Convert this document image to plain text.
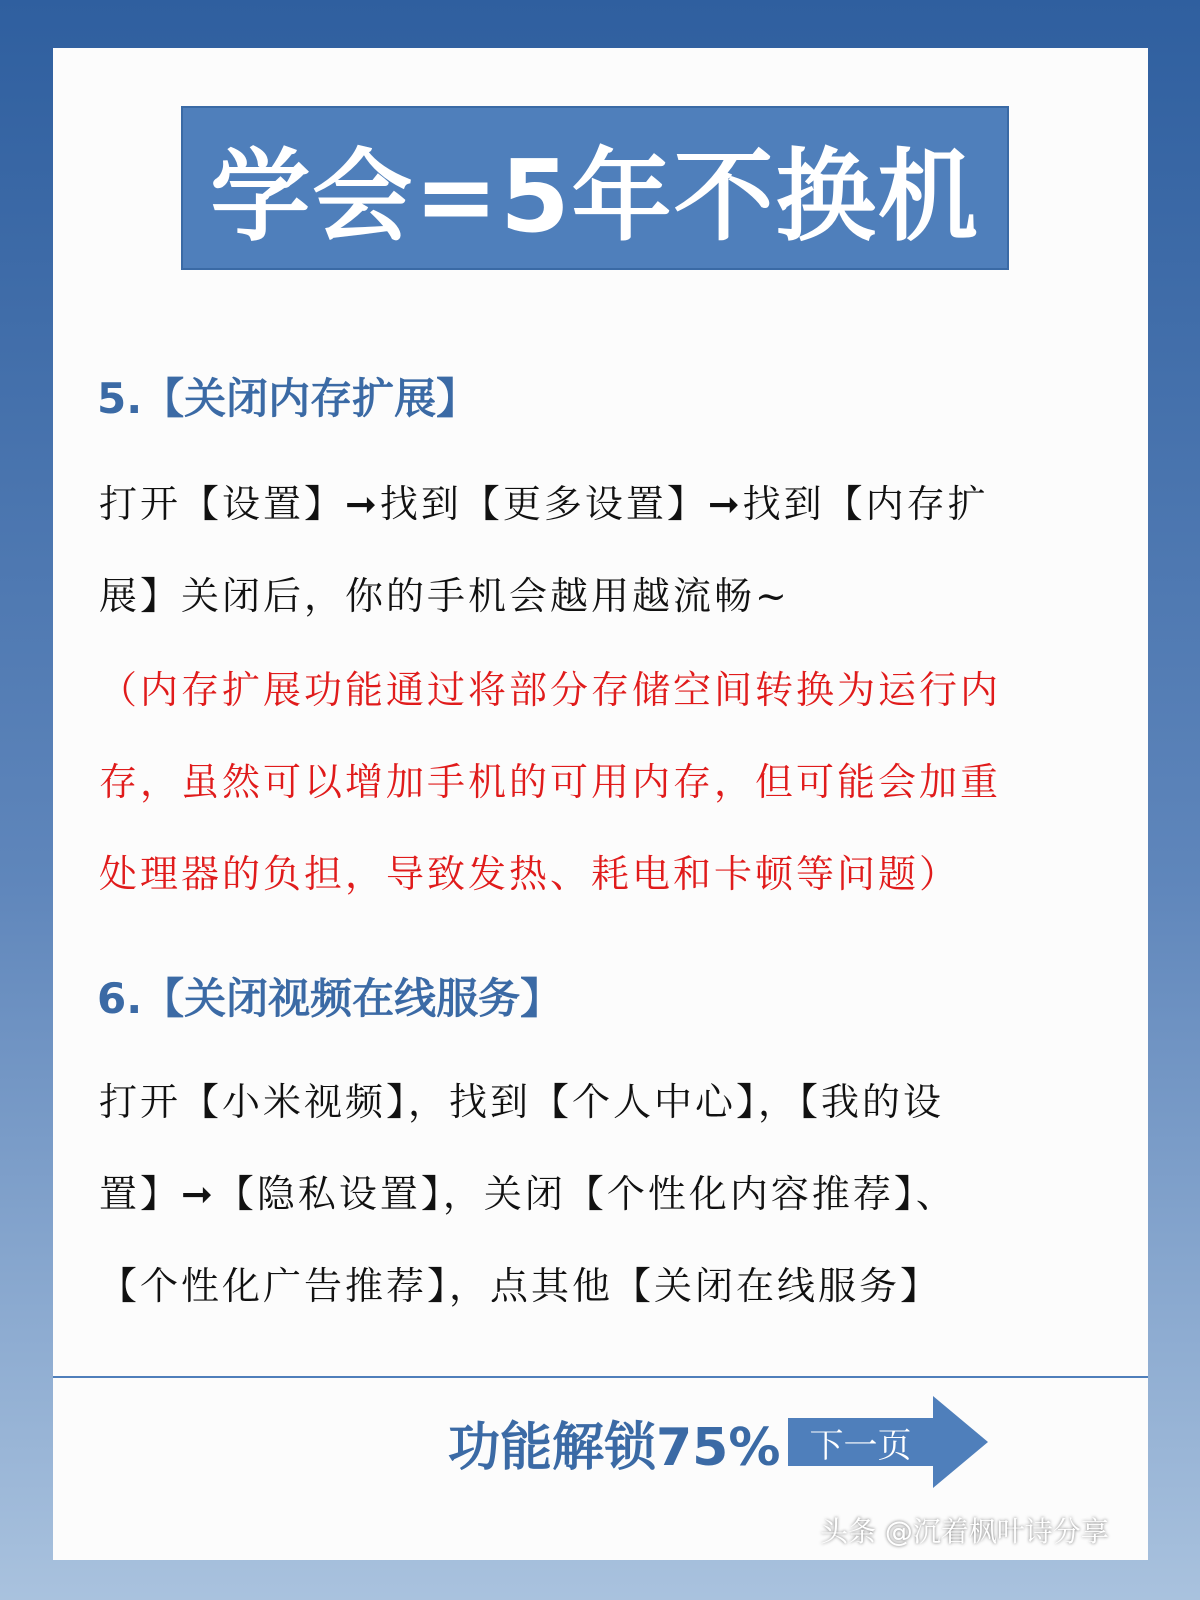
学会=5年不换机
5.【关闭内存扩展】
打开【设置】➞找到【更多设置】➞找到【内存扩
展】关闭后，你的手机会越用越流畅~
（内存扩展功能通过将部分存储空间转换为运行内
存，虽然可以增加手机的可用内存，但可能会加重
处理器的负担，导致发热、耗电和卡顿等问题）
6.【关闭视频在线服务】
打开【小米视频】，找到【个人中心】，【我的设
置】➞【隐私设置】，关闭【个性化内容推荐】、
【个性化广告推荐】，点其他【关闭在线服务】
功能解锁75% 下一页
头条 @沉着枫叶诗分享
